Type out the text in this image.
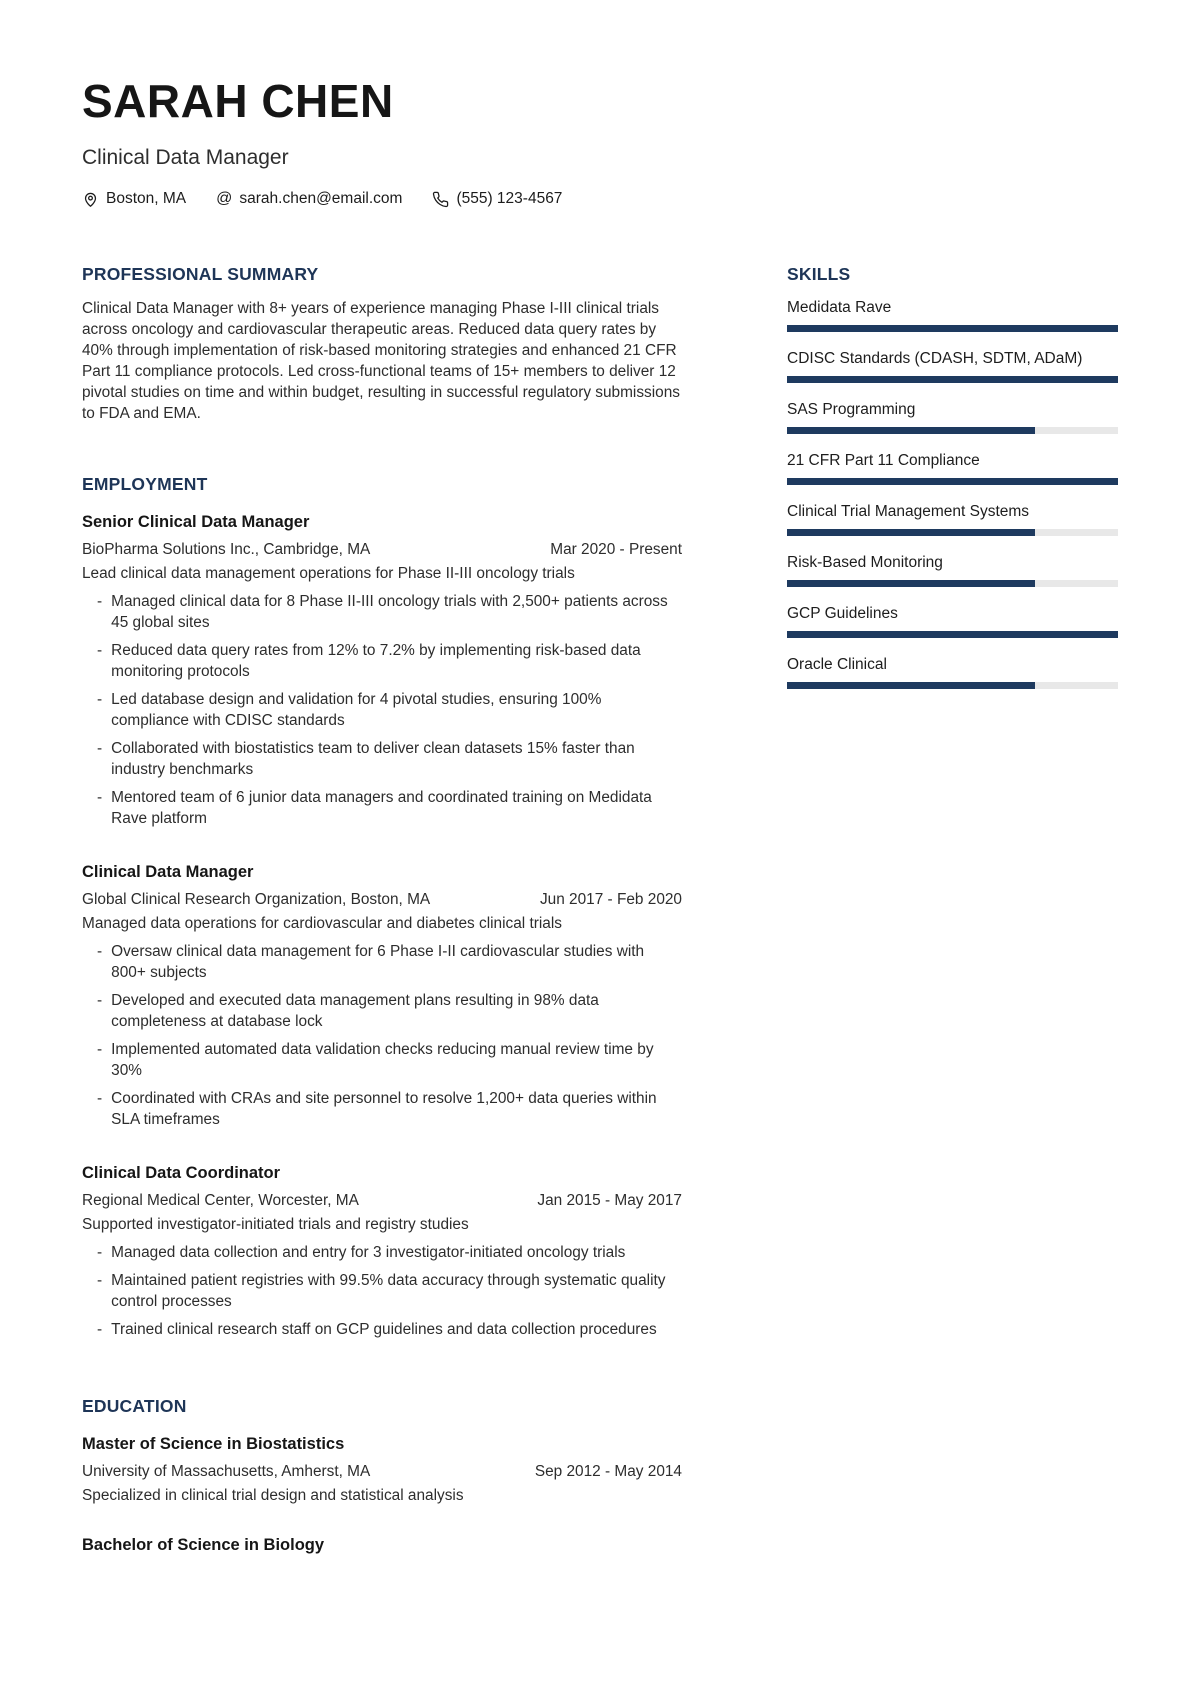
SARAH CHEN

Clinical Data Manager

Boston, MA @ sarah.chen@email.com	(555) 123-4567
PROFESSIONAL SUMMARY

Clinical Data Manager with 8+ years of experience managing Phase I-III clinical trials across oncology and cardiovascular therapeutic areas. Reduced data query rates by 40% through implementation of risk-based monitoring strategies and enhanced 21 CFR Part 11 compliance protocols. Led cross-functional teams of 15+ members to deliver 12 pivotal studies on time and within budget, resulting in successful regulatory submissions to FDA and EMA.

EMPLOYMENT
Senior Clinical Data Manager
BioPharma Solutions Inc., Cambridge, MA	Mar 2020 - Present

Lead clinical data management operations for Phase II-III oncology trials

- Managed clinical data for 8 Phase II-III oncology trials with 2,500+ patients across 45 global sites
- Reduced data query rates from 12% to 7.2% by implementing risk-based data monitoring protocols
- Led database design and validation for 4 pivotal studies, ensuring 100% compliance with CDISC standards
- Collaborated with biostatistics team to deliver clean datasets 15% faster than industry benchmarks
- Mentored team of 6 junior data managers and coordinated training on Medidata Rave platform
Clinical Data Manager
Global Clinical Research Organization, Boston, MA	Jun 2017 - Feb 2020

Managed data operations for cardiovascular and diabetes clinical trials

- Oversaw clinical data management for 6 Phase I-II cardiovascular studies with 800+ subjects
- Developed and executed data management plans resulting in 98% data completeness at database lock
- Implemented automated data validation checks reducing manual review time by 30%
- Coordinated with CRAs and site personnel to resolve 1,200+ data queries within SLA timeframes
Clinical Data Coordinator
Regional Medical Center, Worcester, MA	Jan 2015 - May 2017

Supported investigator-initiated trials and registry studies

- Managed data collection and entry for 3 investigator-initiated oncology trials
- Maintained patient registries with 99.5% data accuracy through systematic quality control processes
- Trained clinical research staff on GCP guidelines and data collection procedures
EDUCATION
Master of Science in Biostatistics
University of Massachusetts, Amherst, MA	Sep 2012 - May 2014

Specialized in clinical trial design and statistical analysis

Bachelor of Science in Biology
SKILLS
Medidata Rave
CDISC Standards (CDASH, SDTM, ADaM)
SAS Programming
21 CFR Part 11 Compliance
Clinical Trial Management Systems
Risk-Based Monitoring
GCP Guidelines
Oracle Clinical
